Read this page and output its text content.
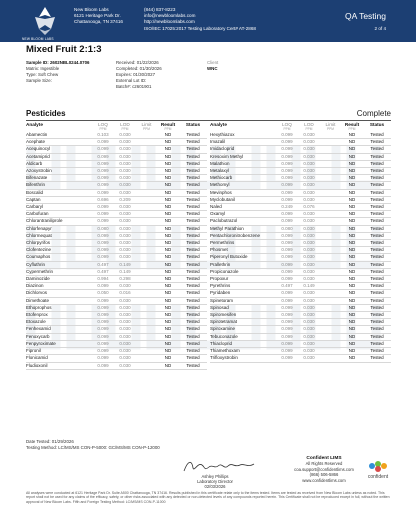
NEW BLOOM LABS
New Bloom Labs
6121 Heritage Park Dr.
Chattanooga, TN 37416
(844) 837-8223
info@newbloomlabs.com
http://newbloomlabs.com
ISO/IEC 17025:2017 Testing Laboratory Cert# AT-2868
QA Testing
2 of 4
Mixed Fruit 2:1:3
Sample ID: 2602NBL0244.0706
Matrix: Ingestible
Type: Soft Chew
Sample Size:
Received: 01/22/2026
Completed: 01/30/2026
Expires: 01/30/2027
External Lot ID:
Batch#: c2601901
Client
WNC
Pesticides	Complete
Analyte	LOQ
PPM	LOD
PPM	Limit
PPM	Result
PPM	Status
Abamectin	0.103	0.030		ND	Tested
Acephate	0.099	0.030		ND	Tested
Acequinocyl	0.099	0.030		ND	Tested
Acetamiprid	0.099	0.030		ND	Tested
Aldicarb	0.099	0.030		ND	Tested
Azoxystrobin	0.099	0.030		ND	Tested
Bifenazate	0.099	0.030		ND	Tested
Bifenthrin	0.099	0.030		ND	Tested
Boscalid	0.099	0.030		ND	Tested
Captan	0.696	0.209		ND	Tested
Carbaryl	0.099	0.030		ND	Tested
Carbofuran	0.099	0.030		ND	Tested
Chlorantraniliprole	0.099	0.030		ND	Tested
Chlorfenapyr	0.080	0.030		ND	Tested
Chlormequat	0.099	0.030		ND	Tested
Chlorpyrifos	0.099	0.030		ND	Tested
Clofentezine	0.099	0.030		ND	Tested
Coumaphos	0.099	0.030		ND	Tested
Cyfluthrin	0.497	0.149		ND	Tested
Cypermethrin	0.497	0.149		ND	Tested
Daminozide	0.994	0.298		ND	Tested
Diazinon	0.099	0.030		ND	Tested
Dichlorvos	0.050	0.016		ND	Tested
Dimethoate	0.099	0.030		ND	Tested
Ethoprophos	0.099	0.030		ND	Tested
Etofenprox	0.099	0.030		ND	Tested
Etoxazole	0.099	0.030		ND	Tested
Fenhexamid	0.099	0.030		ND	Tested
Fenoxycarb	0.099	0.030		ND	Tested
Fenpyroximate	0.099	0.030		ND	Tested
Fipronil	0.099	0.030		ND	Tested
Flonicamid	0.099	0.030		ND	Tested
Fludioxonil	0.099	0.030		ND	Tested
Analyte	LOQ
PPM	LOD
PPM	Limit
PPM	Result
PPM	Status
Hexythiazox	0.099	0.030		ND	Tested
Imazalil	0.099	0.030		ND	Tested
Imidacloprid	0.099	0.030		ND	Tested
Kresoxim Methyl	0.099	0.030		ND	Tested
Malathion	0.099	0.030		ND	Tested
Metalaxyl	0.099	0.030		ND	Tested
Methiocarb	0.099	0.030		ND	Tested
Methomyl	0.099	0.030		ND	Tested
Mevinphos	0.099	0.030		ND	Tested
Myclobutanil	0.099	0.030		ND	Tested
Naled	0.249	0.076		ND	Tested
Oxamyl	0.099	0.030		ND	Tested
Paclobutrazol	0.099	0.030		ND	Tested
Methyl Parathion	0.080	0.030		ND	Tested
Pentachloronitrobenzene	0.099	0.030		ND	Tested
Permethrins	0.099	0.030		ND	Tested
Phosmet	0.099	0.030		ND	Tested
Piperonyl Butoxide	0.099	0.030		ND	Tested
Prallethrin	0.099	0.030		ND	Tested
Propiconazole	0.099	0.030		ND	Tested
Propoxur	0.099	0.030		ND	Tested
Pyrethrins	0.497	0.149		ND	Tested
Pyridaben	0.099	0.030		ND	Tested
Spinetoram	0.099	0.030		ND	Tested
Spinosad	0.099	0.030		ND	Tested
Spiromesifen	0.099	0.030		ND	Tested
Spirotetramat	0.099	0.030		ND	Tested
Spiroxamine	0.099	0.030		ND	Tested
Tebuconazole	0.099	0.030		ND	Tested
Thiacloprid	0.099	0.030		ND	Tested
Thiamethoxam	0.099	0.030		ND	Tested
Trifloxystrobin	0.099	0.030		ND	Tested
Date Tested: 01/29/2026
Testing Method: LC/MS/MS CON-P-5000: GC/MS/MS CON-P-12000
Ashley Phillips
Laboratory Director
02/03/2026
Confident LIMS
All Rights Reserved
coa.support@confidentlims.com
(866) 506-5866
www.confidentlims.com
confident
All analyses were conducted at 6121 Heritage Park Dr. Suite A500 Chattanooga, TN 37416. Results published in this certificate relate only to the items tested. Items are tested as received from New Bloom Labs unless as noted. This report shall not be used for any claims of the efficacy, safety, or other risks associated with any detected or non-detected levels of any compounds reported herein. This Certificate shall not be reproduced except in full, without the written approval of New Bloom Labs. Fifth and Foreign Testing Method: LC/MS/MS CON-P-11000
